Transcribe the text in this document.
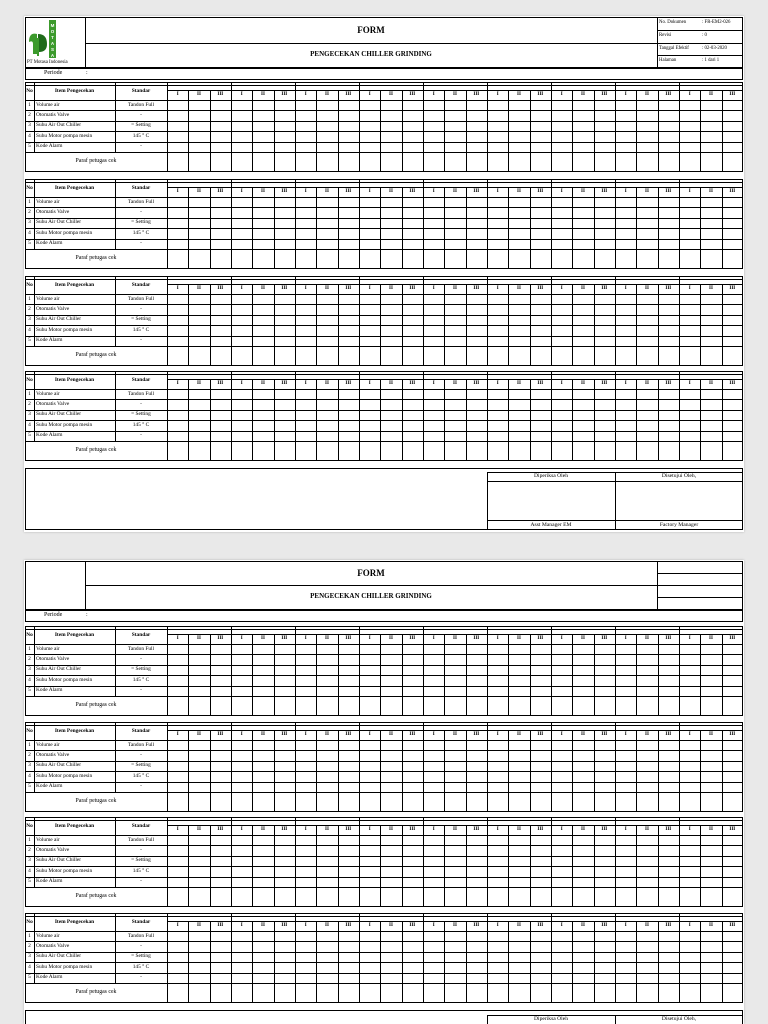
M
O
T
A
S
A
PT Motasa Indonesia
FORM
PENGECEKAN CHILLER GRINDING
No. Dokumen	: FR-EM2-026
Revisi	: 0
Tanggal Efektif	: 02-03-2020
Halaman	: 1 dari 1
Periode	:
No	Item Pengecekan	Standar
I	II	III	I	II	III	I	II	III	I	II	III	I	II	III	I	II	III	I	II	III	I	II	III	I	II	III
1 Volume air	Tandon Full
2 Otomatis Valve	-
3 Suhu Air Out Chiller	= Setting
4 Suhu Motor pompa mesin	145 ° C
5 Kode Alarm	-
Paraf petugas cek
No	Item Pengecekan	Standar
I	II	III	I	II	III	I	II	III	I	II	III	I	II	III	I	II	III	I	II	III	I	II	III	I	II	III
1 Volume air	Tandon Full
2 Otomatis Valve	-
3 Suhu Air Out Chiller	= Setting
4 Suhu Motor pompa mesin	145 ° C
5 Kode Alarm	-
Paraf petugas cek
No	Item Pengecekan	Standar
I	II	III	I	II	III	I	II	III	I	II	III	I	II	III	I	II	III	I	II	III	I	II	III	I	II	III
1 Volume air	Tandon Full
2 Otomatis Valve	-
3 Suhu Air Out Chiller	= Setting
4 Suhu Motor pompa mesin	145 ° C
5 Kode Alarm	-
Paraf petugas cek
No	Item Pengecekan	Standar
I	II	III	I	II	III	I	II	III	I	II	III	I	II	III	I	II	III	I	II	III	I	II	III	I	II	III
1 Volume air	Tandon Full
2 Otomatis Valve	-
3 Suhu Air Out Chiller	= Setting
4 Suhu Motor pompa mesin	145 ° C
5 Kode Alarm	-
Paraf petugas cek
Diperiksa Oleh	Disetujui Oleh,
Asst Manager EM	Factory Manager
FORM
PENGECEKAN CHILLER GRINDING
Periode	:
No	Item Pengecekan	Standar
I	II	III	I	II	III	I	II	III	I	II	III	I	II	III	I	II	III	I	II	III	I	II	III	I	II	III
1 Volume air	Tandon Full
2 Otomatis Valve	-
3 Suhu Air Out Chiller	= Setting
4 Suhu Motor pompa mesin	145 ° C
5 Kode Alarm	-
Paraf petugas cek
No	Item Pengecekan	Standar
I	II	III	I	II	III	I	II	III	I	II	III	I	II	III	I	II	III	I	II	III	I	II	III	I	II	III
1 Volume air	Tandon Full
2 Otomatis Valve	-
3 Suhu Air Out Chiller	= Setting
4 Suhu Motor pompa mesin	145 ° C
5 Kode Alarm	-
Paraf petugas cek
No	Item Pengecekan	Standar
I	II	III	I	II	III	I	II	III	I	II	III	I	II	III	I	II	III	I	II	III	I	II	III	I	II	III
1 Volume air	Tandon Full
2 Otomatis Valve	-
3 Suhu Air Out Chiller	= Setting
4 Suhu Motor pompa mesin	145 ° C
5 Kode Alarm	-
Paraf petugas cek
No	Item Pengecekan	Standar
I	II	III	I	II	III	I	II	III	I	II	III	I	II	III	I	II	III	I	II	III	I	II	III	I	II	III
1 Volume air	Tandon Full
2 Otomatis Valve	-
3 Suhu Air Out Chiller	= Setting
4 Suhu Motor pompa mesin	145 ° C
5 Kode Alarm	-
Paraf petugas cek
Diperiksa Oleh	Disetujui Oleh,
